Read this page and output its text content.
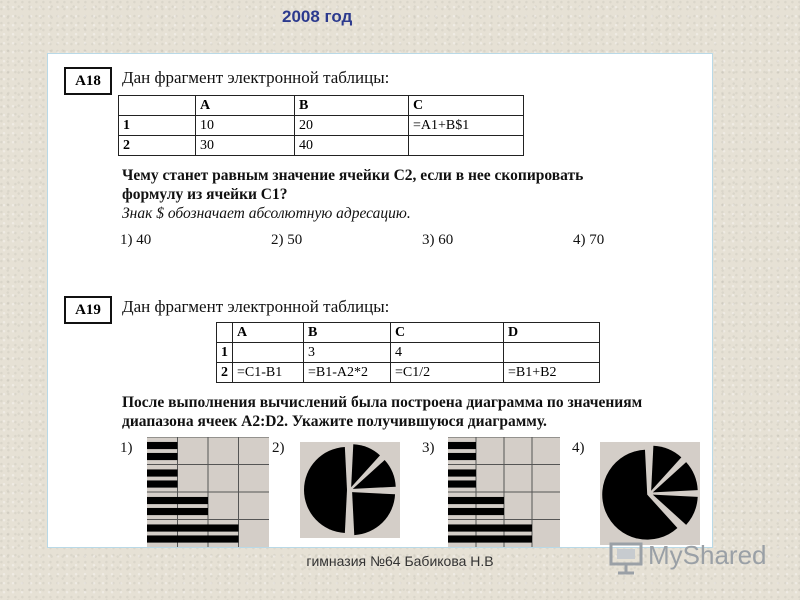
2008 год
A18	Дан фрагмент электронной таблицы:
	A	B	C
1	10	20	=A1+B$1
2	30	40	
Чему станет равным значение ячейки C2, если в нее скопировать
формулу из ячейки C1?
Знак $ обозначает абсолютную адресацию.
1) 40	2) 50	3) 60	4) 70
A19	Дан фрагмент электронной таблицы:
	A	B	C	D
1		3	4	
2	=C1-B1	=B1-A2*2	=C1/2	=B1+B2
После выполнения вычислений была построена диаграмма по значениям
диапазона ячеек A2:D2. Укажите получившуюся диаграмму.
1)	2)	3)	4)
гимназия №64 Бабикова Н.В	MyShared
